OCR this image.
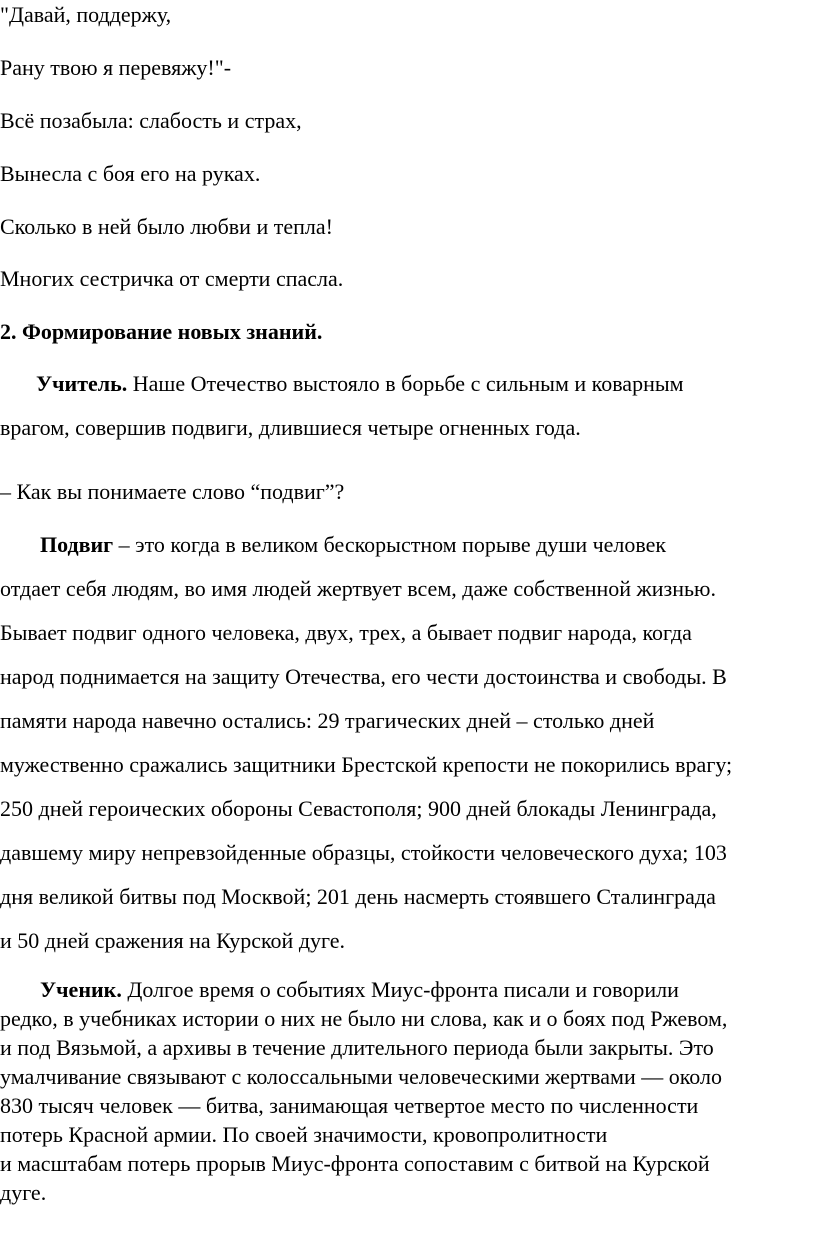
"Давай, поддержу,
Рану твою я перевяжу!"-
Всё позабыла: слабость и страх,
Вынесла с боя его на руках.
Сколько в ней было любви и тепла!
Многих сестричка от смерти спасла.
2. Формирование новых знаний.

Учитель. Наше Отечество выстояло в борьбе с сильным и коварным

врагом, совершив подвиги, длившиеся четыре огненных года.

– Как вы понимаете слово “подвиг”?

Подвиг – это когда в великом бескорыстном порыве души человек

отдает себя людям, во имя людей жертвует всем, даже собственной жизнью.

Бывает подвиг одного человека, двух, трех, а бывает подвиг народа, когда

народ поднимается на защиту Отечества, его чести достоинства и свободы. В

памяти народа навечно остались: 29 трагических дней – столько дней

мужественно сражались защитники Брестской крепости не покорились врагу;

250 дней героических обороны Севастополя; 900 дней блокады Ленинграда,

давшему миру непревзойденные образцы, стойкости человеческого духа; 103

дня великой битвы под Москвой; 201 день насмерть стоявшего Сталинграда

и 50 дней сражения на Курской дуге.

Ученик. Долгое время о событиях Миус-фронта писали и говорили

редко, в учебниках истории о них не было ни слова, как и о боях под Ржевом,

и под Вязьмой, а архивы в течение длительного периода были закрыты. Это

умалчивание связывают с колоссальными человеческими жертвами — около

830 тысяч человек — битва, занимающая четвертое место по численности

потерь Красной армии. По своей значимости, кровопролитности

и масштабам потерь прорыв Миус-фронта сопоставим с битвой на Курской

дуге.
